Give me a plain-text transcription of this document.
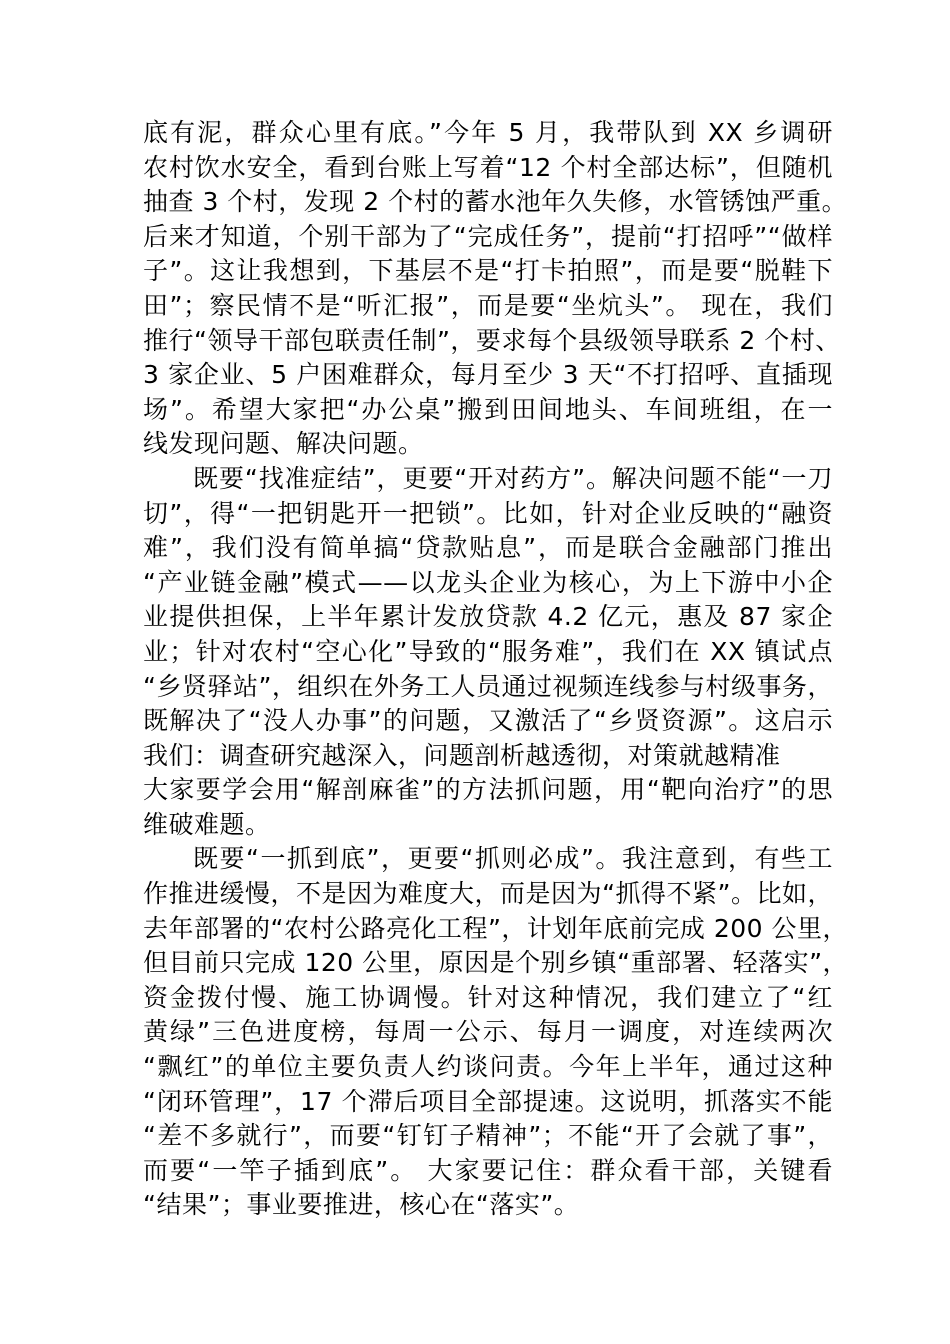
底有泥，群众心里有底。”今年 5 月，我带队到 XX 乡调研
农村饮水安全，看到台账上写着“12 个村全部达标”，但随机
抽查 3 个村，发现 2 个村的蓄水池年久失修，水管锈蚀严重。
后来才知道，个别干部为了“完成任务”，提前“打招呼”“做样
子”。这让我想到，下基层不是“打卡拍照”，而是要“脱鞋下
田”；察民情不是“听汇报”，而是要“坐炕头”。 现在，我们
推行“领导干部包联责任制”，要求每个县级领导联系 2 个村、
3 家企业、5 户困难群众，每月至少 3 天“不打招呼、直插现
场”。希望大家把“办公桌”搬到田间地头、车间班组，在一
线发现问题、解决问题。
既要“找准症结”，更要“开对药方”。解决问题不能“一刀
切”，得“一把钥匙开一把锁”。比如，针对企业反映的“融资
难”，我们没有简单搞“贷款贴息”，而是联合金融部门推出
“产业链金融”模式——以龙头企业为核心，为上下游中小企
业提供担保，上半年累计发放贷款 4.2 亿元，惠及 87 家企
业；针对农村“空心化”导致的“服务难”，我们在 XX 镇试点
“乡贤驿站”，组织在外务工人员通过视频连线参与村级事务，
既解决了“没人办事”的问题，又激活了“乡贤资源”。这启示
我们：调查研究越深入，问题剖析越透彻，对策就越精准
大家要学会用“解剖麻雀”的方法抓问题，用“靶向治疗”的思
维破难题。
既要“一抓到底”，更要“抓则必成”。我注意到，有些工
作推进缓慢，不是因为难度大，而是因为“抓得不紧”。比如，
去年部署的“农村公路亮化工程”，计划年底前完成 200 公里，
但目前只完成 120 公里，原因是个别乡镇“重部署、轻落实”，
资金拨付慢、施工协调慢。针对这种情况，我们建立了“红
黄绿”三色进度榜，每周一公示、每月一调度，对连续两次
“飘红”的单位主要负责人约谈问责。今年上半年，通过这种
“闭环管理”，17 个滞后项目全部提速。这说明，抓落实不能
“差不多就行”，而要“钉钉子精神”；不能“开了会就了事”，
而要“一竿子插到底”。 大家要记住：群众看干部，关键看
“结果”；事业要推进，核心在“落实”。
